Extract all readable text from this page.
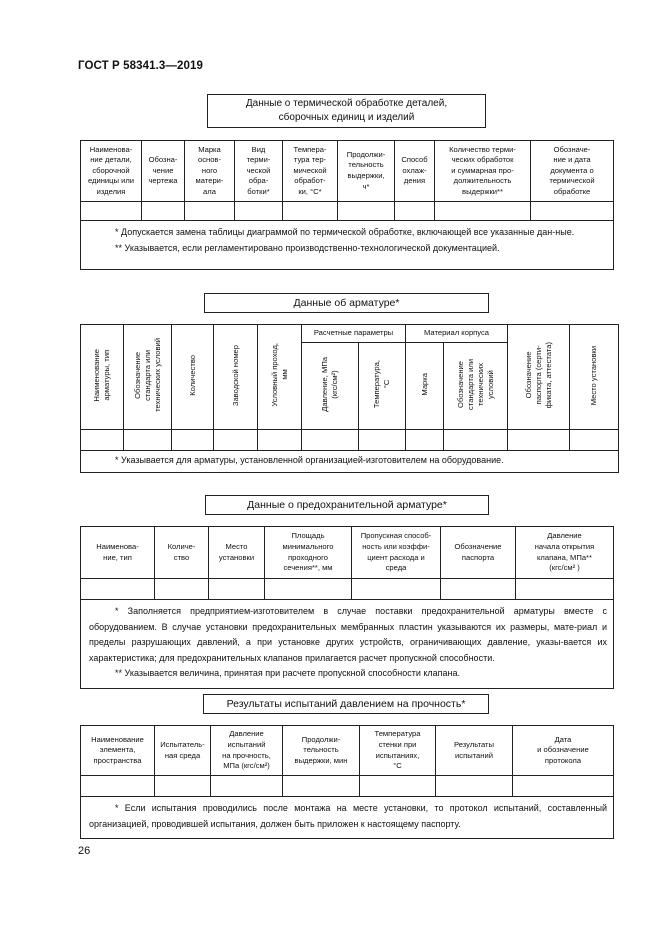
ГОСТ Р 58341.3—2019
Данные о термической обработке деталей,
сборочных единиц и изделий
Наименова-
ние детали,
сборочной
единицы или
изделия	Обозна-
чение
чертежа	Марка
основ-
ного
матери-
ала	Вид
терми-
ческой
обра-
ботки*	Темпера-
тура тер-
мической
обработ-
ки, °С*	Продолжи-
тельность
выдержки,
ч*	Способ
охлаж-
дения	Количество терми-
ческих обработок
и суммарная про-
должительность
выдержки**	Обозначе-
ние и дата
документа о
термической
обработке

* Допускается замена таблицы диаграммой по термической обработке, включающей все указанные дан-ные.
** Указывается, если регламентировано производственно-технологической документацией.								
Данные об арматуре*
Наименование
арматуры, тип	Обозначение
стандарта или
технических условий	Количество	Заводской номер	Условный проход,
мм	Расчетные параметры		Материал корпуса		Обозначение
паспорта (серти-
фиката, аттестата)	Место установки
					Давление, МПа
(кгс/см²)	Температура,
°С	Марка	Обозначение
стандарта или
технических
условий		

* Указывается для арматуры, установленной организацией-изготовителем на оборудование.										
Данные о предохранительной арматуре*
Наименова-
ние, тип	Количе-
ство	Место
установки	Площадь
минимального
проходного
сечения**, мм	Пропускная способ-
ность или коэффи-
циент расхода и
среда	Обозначение
паспорта	Давление
начала открытия
клапана, МПа**
(кгс/см² )

* Заполняется предприятием-изготовителем в случае поставки предохранительной арматуры вместе с оборудованием. В случае установки предохранительных мембранных пластин указываются их размеры, мате-риал и пределы разрушающих давлений, а при установке других устройств, ограничивающих давление, указы-вается их характеристика; для предохранительных клапанов прилагается расчет пропускной способности.
** Указывается величина, принятая при расчете пропускной способности клапана.						
Результаты испытаний давлением на прочность*
Наименование
элемента,
пространства	Испытатель-
ная среда	Давление
испытаний
на прочность,
МПа (кгс/см²)	Продолжи-
тельность
выдержки, мин	Температура
стенки при
испытаниях,
°С	Результаты
испытаний	Дата
и обозначение
протокола

* Если испытания проводились после монтажа на месте установки, то протокол испытаний, составленный организацией, проводившей испытания, должен быть приложен к настоящему паспорту.						
26
